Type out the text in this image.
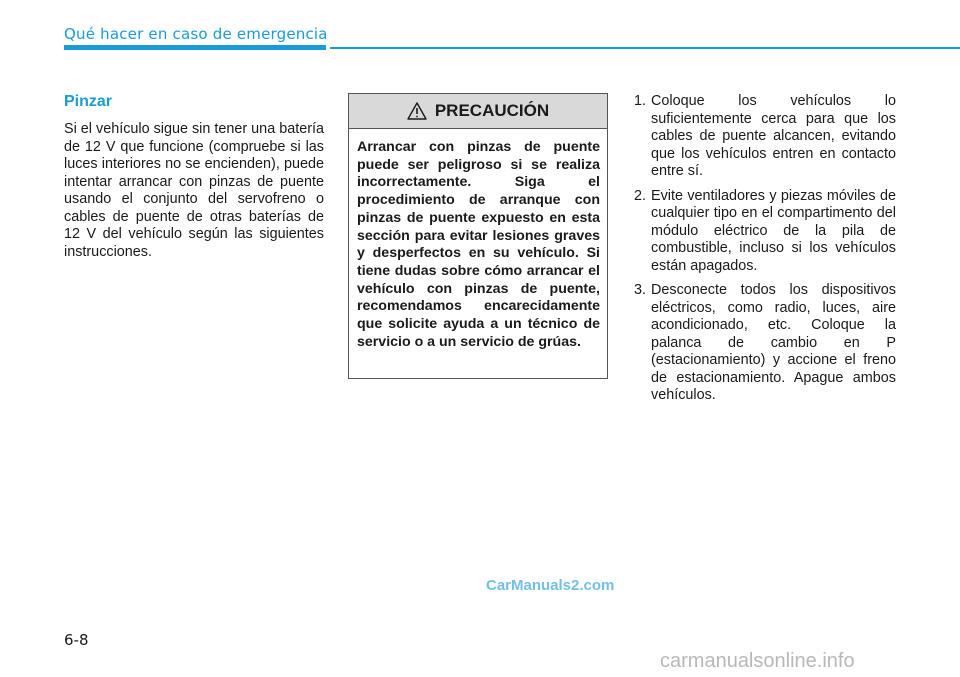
Qué hacer en caso de emergencia
Pinzar

Si el vehículo sigue sin tener una batería de 12 V que funcione (compruebe si las luces interiores no se encienden), puede intentar arrancar con pinzas de puente usando el conjunto del servofreno o cables de puente de otras baterías de 12 V del vehículo según las siguientes instrucciones.

PRECAUCIÓN

Arrancar con pinzas de puente puede ser peligroso si se realiza incorrectamente. Siga el procedimiento de arranque con pinzas de puente expuesto en esta sección para evitar lesiones graves y desperfectos en su vehículo. Si tiene dudas sobre cómo arrancar el vehículo con pinzas de puente, recomendamos encarecidamente que solicite ayuda a un técnico de servicio o a un servicio de grúas.

1. Coloque los vehículos lo suficientemente cerca para que los cables de puente alcancen, evitando que los vehículos entren en contacto entre sí.
2. Evite ventiladores y piezas móviles de cualquier tipo en el compartimento del módulo eléctrico de la pila de combustible, incluso si los vehículos están apagados.
3. Desconecte todos los dispositivos eléctricos, como radio, luces, aire acondicionado, etc. Coloque la palanca de cambio en P (estacionamiento) y accione el freno de estacionamiento. Apague ambos vehículos.
CarManuals2.com
6-8
carmanualsonline.info
